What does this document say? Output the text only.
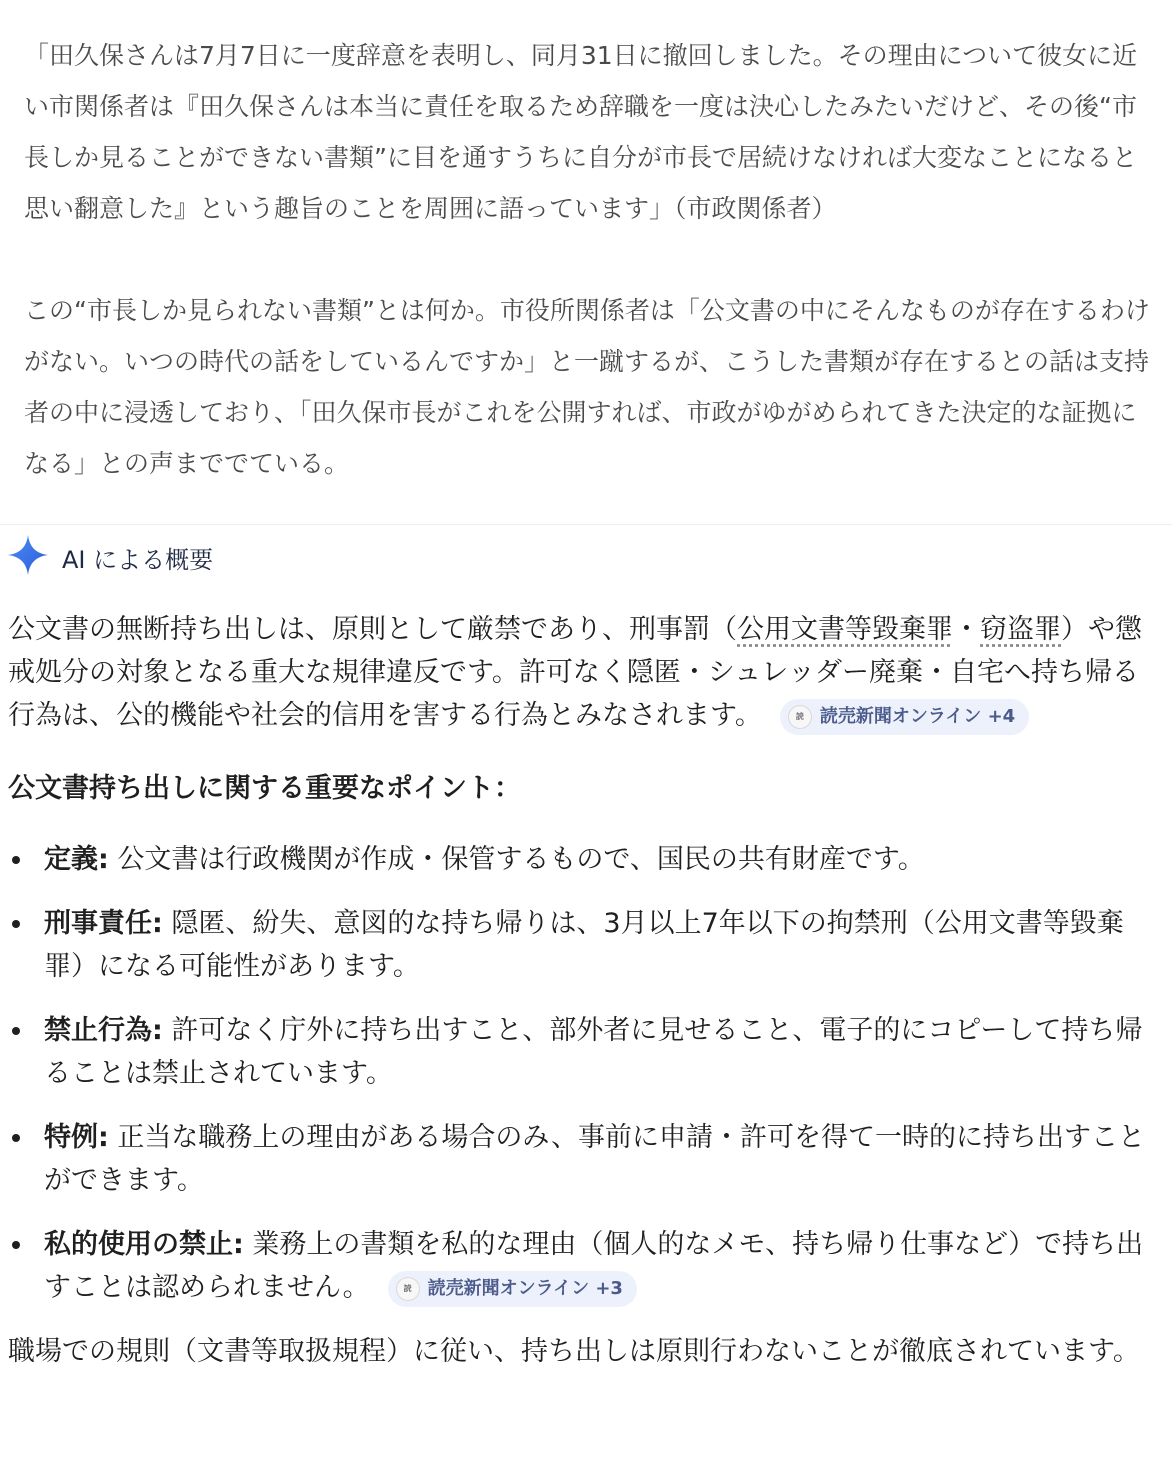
「田久保さんは7月7日に一度辞意を表明し、同月31日に撤回しました。その理由について彼女に近い市関係者は『田久保さんは本当に責任を取るため辞職を一度は決心したみたいだけど、その後“市長しか見ることができない書類”に目を通すうちに自分が市長で居続けなければ大変なことになると思い翻意した』という趣旨のことを周囲に語っています」（市政関係者）

この“市長しか見られない書類”とは何か。市役所関係者は「公文書の中にそんなものが存在するわけがない。いつの時代の話をしているんですか」と一蹴するが、こうした書類が存在するとの話は支持者の中に浸透しており、「田久保市長がこれを公開すれば、市政がゆがめられてきた決定的な証拠になる」との声まででている。

AI による概要

公文書の無断持ち出しは、原則として厳禁であり、刑事罰（公用文書等毀棄罪・窃盗罪）や懲戒処分の対象となる重大な規律違反です。許可なく隠匿・シュレッダー廃棄・自宅へ持ち帰る行為は、公的機能や社会的信用を害する行為とみなされます。	読 読売新聞オンライン +4

公文書持ち出しに関する重要なポイント：

定義: 公文書は行政機関が作成・保管するもので、国民の共有財産です。
刑事責任: 隠匿、紛失、意図的な持ち帰りは、3月以上7年以下の拘禁刑（公用文書等毀棄罪）になる可能性があります。
禁止行為: 許可なく庁外に持ち出すこと、部外者に見せること、電子的にコピーして持ち帰ることは禁止されています。
特例: 正当な職務上の理由がある場合のみ、事前に申請・許可を得て一時的に持ち出すことができます。
私的使用の禁止: 業務上の書類を私的な理由（個人的なメモ、持ち帰り仕事など）で持ち出すことは認められません。	読 読売新聞オンライン +3

職場での規則（文書等取扱規程）に従い、持ち出しは原則行わないことが徹底されています。
